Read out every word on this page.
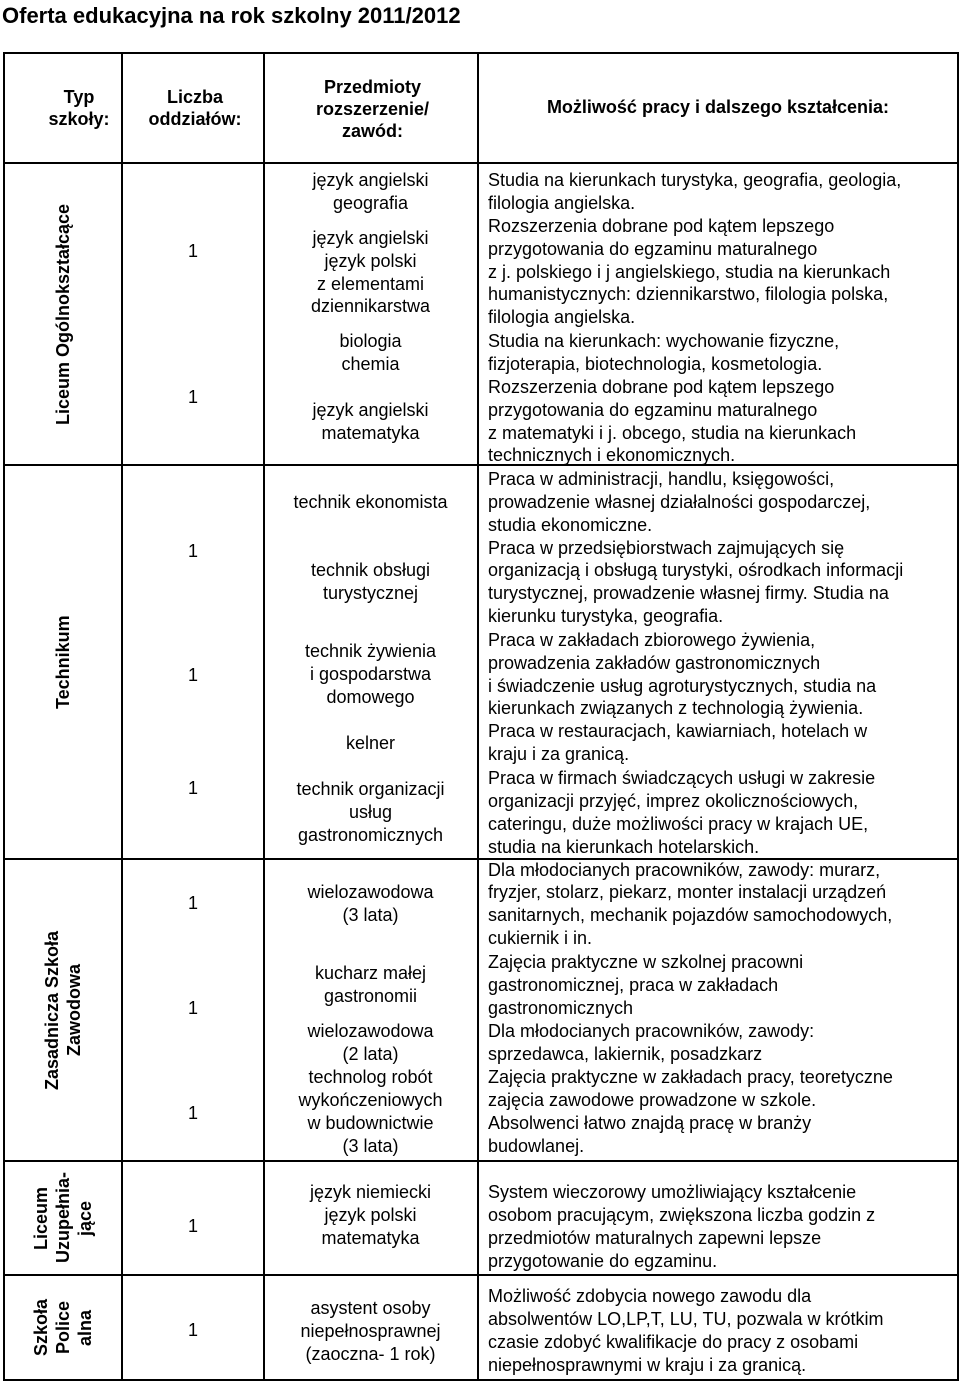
Oferta edukacyjna na rok szkolny 2011/2012
Typ szkoły:
Liczba oddziałów:
Przedmioty rozszerzenie/ zawód:
Możliwość pracy i dalszego kształcenia:
Liceum Ogólnokształcące
Technikum
Zasadnicza Szkoła Zawodowa
Liceum Uzupełnia-jące
Szkoła Police alna
1
1
1
1
1
1
1
1
1
1
język angielski
geografia
język angielski
język polski
z elementami
dziennikarstwa
biologia
chemia
język angielski
matematyka
technik ekonomista
technik obsługi
turystycznej
technik żywienia
i gospodarstwa
domowego
kelner
technik organizacji
usług
gastronomicznych
wielozawodowa
(3 lata)
kucharz małej
gastronomii
wielozawodowa
(2 lata)
technolog robót
wykończeniowych
w budownictwie
(3 lata)
język niemiecki
język polski
matematyka
asystent osoby
niepełnosprawnej
(zaoczna- 1 rok)
Studia na kierunkach turystyka, geografia, geologia,
filologia angielska.
Rozszerzenia dobrane pod kątem lepszego
przygotowania do egzaminu maturalnego
z j. polskiego i j angielskiego, studia na kierunkach
humanistycznych: dziennikarstwo, filologia polska,
filologia angielska.
Studia na kierunkach: wychowanie fizyczne,
fizjoterapia, biotechnologia, kosmetologia.
Rozszerzenia dobrane pod kątem lepszego
przygotowania do egzaminu maturalnego
z matematyki i j. obcego, studia na kierunkach
technicznych i ekonomicznych.
Praca w administracji, handlu, księgowości,
prowadzenie własnej działalności gospodarczej,
studia ekonomiczne.
Praca w przedsiębiorstwach zajmujących się
organizacją i obsługą turystyki, ośrodkach informacji
turystycznej, prowadzenie własnej firmy. Studia na
kierunku turystyka, geografia.
Praca w zakładach zbiorowego żywienia,
prowadzenia zakładów gastronomicznych
i świadczenie usług agroturystycznych, studia na
kierunkach związanych z technologią żywienia.
Praca w restauracjach, kawiarniach, hotelach w
kraju i za granicą.
Praca w firmach świadczących usługi w zakresie
organizacji przyjęć, imprez okolicznościowych,
cateringu, duże możliwości pracy w krajach UE,
studia na kierunkach hotelarskich.
Dla młodocianych pracowników, zawody: murarz,
fryzjer, stolarz, piekarz, monter instalacji urządzeń
sanitarnych, mechanik pojazdów samochodowych,
cukiernik i in.
Zajęcia praktyczne w szkolnej pracowni
gastronomicznej, praca w zakładach
gastronomicznych
Dla młodocianych pracowników, zawody:
sprzedawca, lakiernik, posadzkarz
Zajęcia praktyczne w zakładach pracy, teoretyczne
zajęcia zawodowe prowadzone w szkole.
Absolwenci łatwo znajdą pracę w branży
budowlanej.
System wieczorowy umożliwiający kształcenie
osobom pracującym, zwiększona liczba godzin z
przedmiotów maturalnych zapewni lepsze
przygotowanie do egzaminu.
Możliwość zdobycia nowego zawodu dla
absolwentów LO,LP,T, LU, TU, pozwala w krótkim
czasie zdobyć kwalifikacje do pracy z osobami
niepełnosprawnymi w kraju i za granicą.
